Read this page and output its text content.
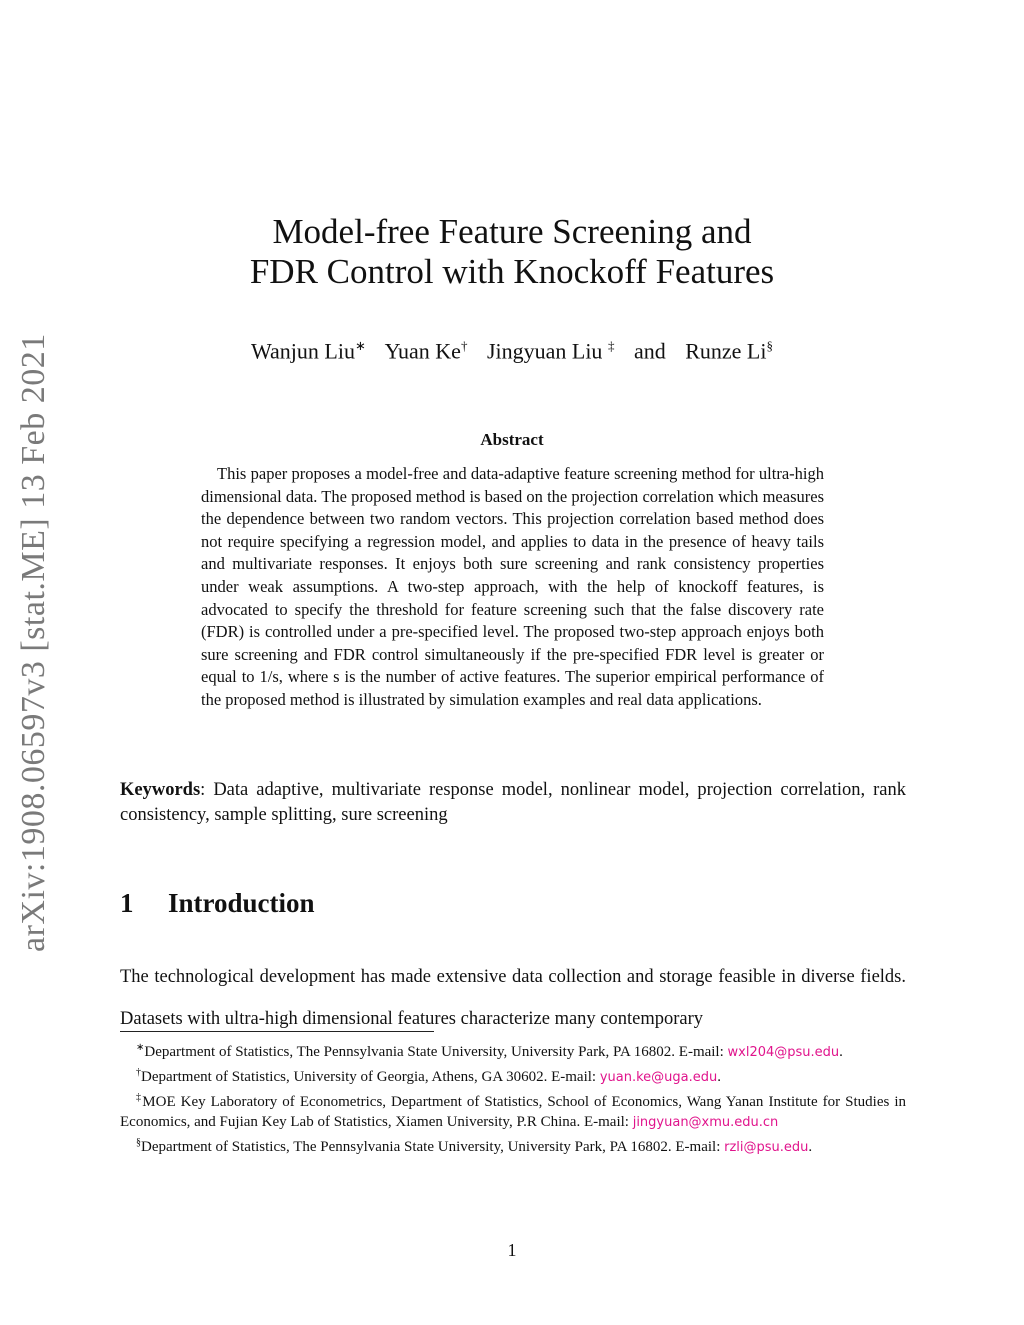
arXiv:1908.06597v3 [stat.ME] 13 Feb 2021
Model-free Feature Screening and
FDR Control with Knockoff Features
Wanjun Liu∗ Yuan Ke† Jingyuan Liu ‡ and Runze Li§
Abstract
This paper proposes a model-free and data-adaptive feature screening method for ultra-high dimensional data. The proposed method is based on the projection correlation which measures the dependence between two random vectors. This projection correlation based method does not require specifying a regression model, and applies to data in the presence of heavy tails and multivariate responses. It enjoys both sure screening and rank consistency properties under weak assumptions. A two-step approach, with the help of knockoff features, is advocated to specify the threshold for feature screening such that the false discovery rate (FDR) is controlled under a pre-specified level. The proposed two-step approach enjoys both sure screening and FDR control simultaneously if the pre-specified FDR level is greater or equal to 1/s, where s is the number of active features. The superior empirical performance of the proposed method is illustrated by simulation examples and real data applications.
Keywords: Data adaptive, multivariate response model, nonlinear model, projection correlation, rank consistency, sample splitting, sure screening
1 Introduction
The technological development has made extensive data collection and storage feasible in diverse fields. Datasets with ultra-high dimensional features characterize many contemporary

∗Department of Statistics, The Pennsylvania State University, University Park, PA 16802. E-mail: wxl204@psu.edu.

†Department of Statistics, University of Georgia, Athens, GA 30602. E-mail: yuan.ke@uga.edu.

‡MOE Key Laboratory of Econometrics, Department of Statistics, School of Economics, Wang Yanan Institute for Studies in Economics, and Fujian Key Lab of Statistics, Xiamen University, P.R China. E-mail: jingyuan@xmu.edu.cn

§Department of Statistics, The Pennsylvania State University, University Park, PA 16802. E-mail: rzli@psu.edu.

1
